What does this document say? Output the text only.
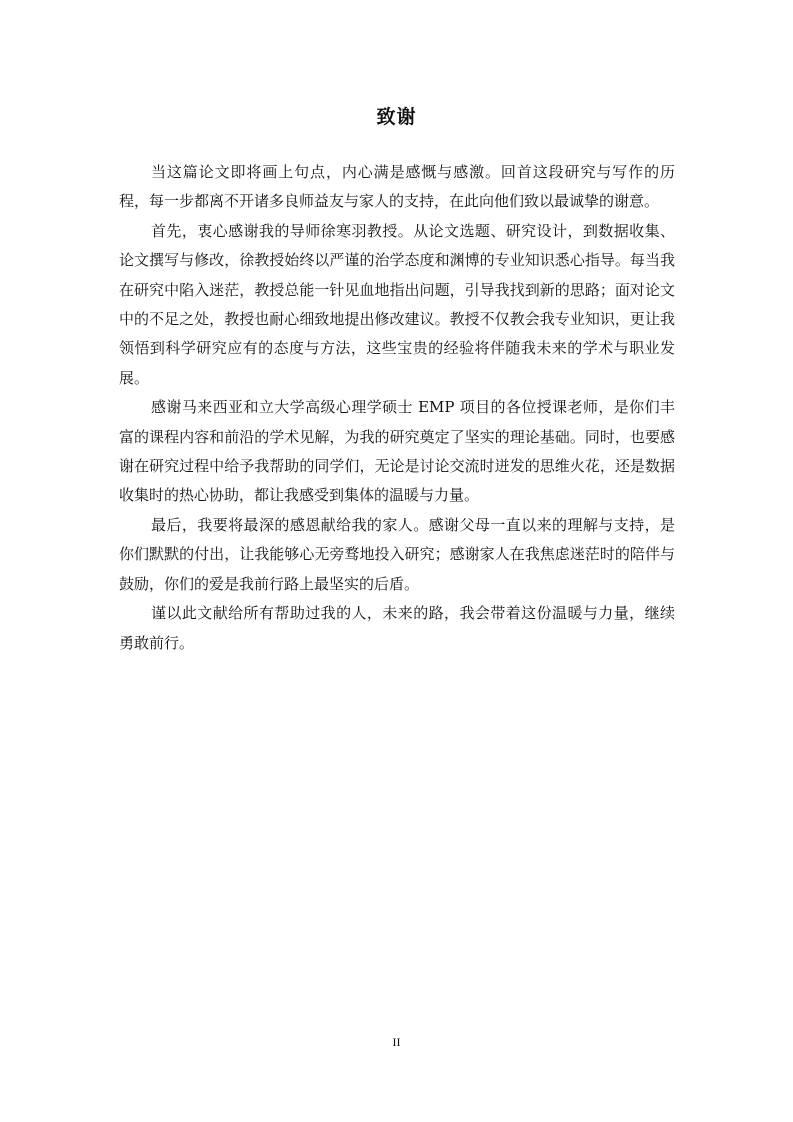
致谢

当这篇论文即将画上句点，内心满是感慨与感激。回首这段研究与写作的历程，每一步都离不开诸多良师益友与家人的支持，在此向他们致以最诚挚的谢意。

首先，衷心感谢我的导师徐寒羽教授。从论文选题、研究设计，到数据收集、论文撰写与修改，徐教授始终以严谨的治学态度和渊博的专业知识悉心指导。每当我在研究中陷入迷茫，教授总能一针见血地指出问题，引导我找到新的思路；面对论文中的不足之处，教授也耐心细致地提出修改建议。教授不仅教会我专业知识，更让我领悟到科学研究应有的态度与方法，这些宝贵的经验将伴随我未来的学术与职业发展。

感谢马来西亚和立大学高级心理学硕士 EMP 项目的各位授课老师，是你们丰富的课程内容和前沿的学术见解，为我的研究奠定了坚实的理论基础。同时，也要感谢在研究过程中给予我帮助的同学们，无论是讨论交流时迸发的思维火花，还是数据收集时的热心协助，都让我感受到集体的温暖与力量。

最后，我要将最深的感恩献给我的家人。感谢父母一直以来的理解与支持，是你们默默的付出，让我能够心无旁骛地投入研究；感谢家人在我焦虑迷茫时的陪伴与鼓励，你们的爱是我前行路上最坚实的后盾。

谨以此文献给所有帮助过我的人，未来的路，我会带着这份温暖与力量，继续勇敢前行。

II
